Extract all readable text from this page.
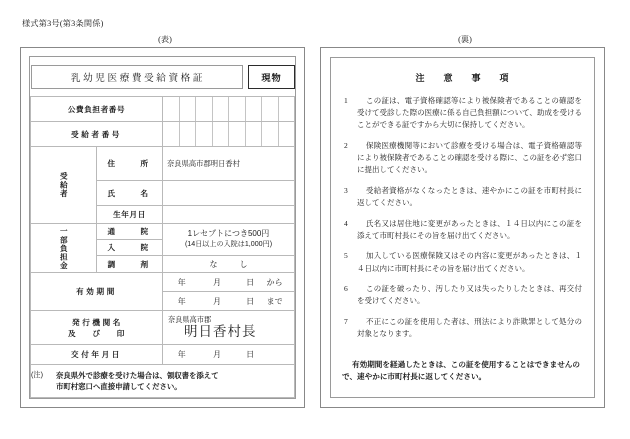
様式第3号(第3条関係)
(表)	(裏)
乳幼児医療費受給資格証 現物		

公費負担者番号		

受給者番号		

受給者	住　　所	奈良県高市郡明日香村

	氏　　名	

	生年月日	

一部負担金	通　　院	1レセプトにつき500円
(14日以上の入院は1,000円)

	入　　院	
	調　　剤	な　し

有効期間		年 月 日 から

		年 月 日 まで

発行機関名
及　　び　　印

奈良県高市郡
明日香村長

交付年月日		年 月 日

(注) 奈良県外で診療を受けた場合は、領収書を添えて
市町村窓口へ直接申請してください。		
注　意　事　項
1	この証は、電子資格確認等により被保険者であることの確認を受けて受診した際の医療に係る自己負担額について、助成を受けることができる証ですから大切に保持してください。
2	保険医療機関等において診療を受ける場合は、電子資格確認等により被保険者であることの確認を受ける際に、この証を必ず窓口に提出してください。
3	受給者資格がなくなったときは、速やかにこの証を市町村長に返してください。
4	氏名又は居住地に変更があったときは、１４日以内にこの証を添えて市町村長にその旨を届け出てください。
5	加入している医療保険又はその内容に変更があったときは、１４日以内に市町村長にその旨を届け出てください。
6	この証を破ったり、汚したり又は失ったりしたときは、再交付を受けてください。
7	不正にこの証を使用した者は、刑法により詐欺罪として処分の対象となります。
有効期間を経過したときは、この証を使用することはできませんので、速やかに市町村長に返してください。
